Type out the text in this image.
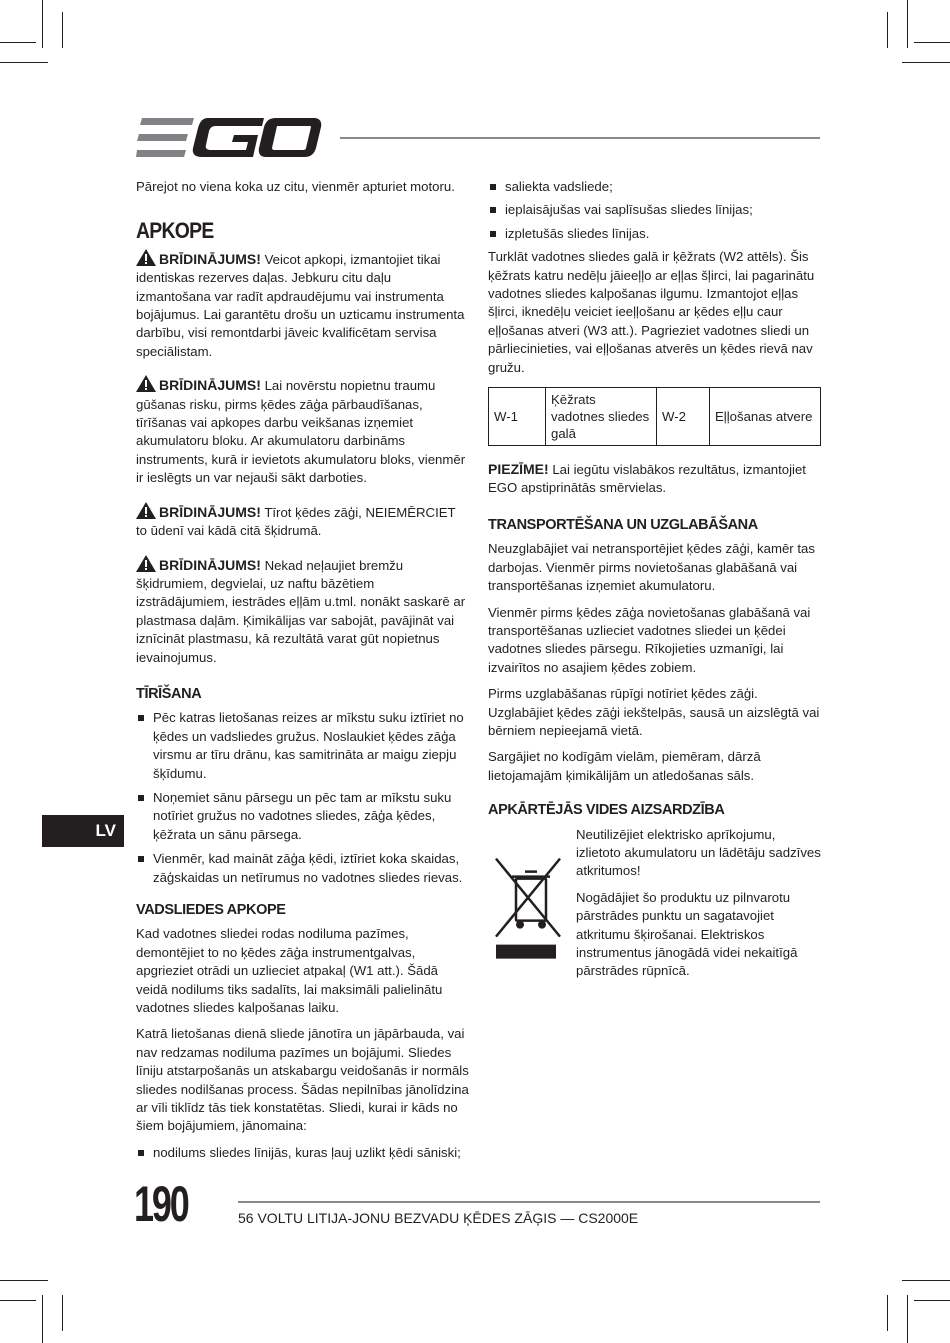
Pārejot no viena koka uz citu, vienmēr apturiet motoru.

APKOPE

BRĪDINĀJUMS! Veicot apkopi, izmantojiet tikai identiskas rezerves daļas. Jebkuru citu daļu izmantošana var radīt apdraudējumu vai instrumenta bojājumus. Lai garantētu drošu un uzticamu instrumenta darbību, visi remontdarbi jāveic kvalificētam servisa speciālistam.

BRĪDINĀJUMS! Lai novērstu nopietnu traumu gūšanas risku, pirms ķēdes zāģa pārbaudīšanas, tīrīšanas vai apkopes darbu veikšanas izņemiet akumulatoru bloku. Ar akumulatoru darbināms instruments, kurā ir ievietots akumulatoru bloks, vienmēr ir ieslēgts un var nejauši sākt darboties.

BRĪDINĀJUMS! Tīrot ķēdes zāģi, NEIEMĒRCIET to ūdenī vai kādā citā šķidrumā.

BRĪDINĀJUMS! Nekad neļaujiet bremžu šķidrumiem, degvielai, uz naftu bāzētiem izstrādājumiem, iestrādes eļļām u.tml. nonākt saskarē ar plastmasa daļām. Ķimikālijas var sabojāt, pavājināt vai iznīcināt plastmasu, kā rezultātā varat gūt nopietnus ievainojumus.

TĪRĪŠANA
Pēc katras lietošanas reizes ar mīkstu suku iztīriet no ķēdes un vadsliedes gružus. Noslaukiet ķēdes zāģa virsmu ar tīru drānu, kas samitrināta ar maigu ziepju šķīdumu.
Noņemiet sānu pārsegu un pēc tam ar mīkstu suku notīriet gružus no vadotnes sliedes, zāģa ķēdes, ķēžrata un sānu pārsega.
Vienmēr, kad maināt zāģa ķēdi, iztīriet koka skaidas, zāģskaidas un netīrumus no vadotnes sliedes rievas.
VADSLIEDES APKOPE

Kad vadotnes sliedei rodas nodiluma pazīmes, demontējiet to no ķēdes zāģa instrumentgalvas, apgrieziet otrādi un uzlieciet atpakaļ (W1 att.). Šādā veidā nodilums tiks sadalīts, lai maksimāli palielinātu vadotnes sliedes kalpošanas laiku.

Katrā lietošanas dienā sliede jānotīra un jāpārbauda, vai nav redzamas nodiluma pazīmes un bojājumi. Sliedes līniju atstarpošanās un atskabargu veidošanās ir normāls sliedes nodilšanas process. Šādas nepilnības jānolīdzina ar vīli tiklīdz tās tiek konstatētas. Sliedi, kurai ir kāds no šiem bojājumiem, jānomaina:

nodilums sliedes līnijās, kuras ļauj uzlikt ķēdi sāniski;
saliekta vadsliede;
ieplaisājušas vai saplīsušas sliedes līnijas;
izpletušās sliedes līnijas.

Turklāt vadotnes sliedes galā ir ķēžrats (W2 attēls). Šis ķēžrats katru nedēļu jāieeļļo ar eļļas šļirci, lai pagarinātu vadotnes sliedes kalpošanas ilgumu. Izmantojot eļļas šļirci, iknedēļu veiciet ieeļļošanu ar ķēdes eļļu caur eļļošanas atveri (W3 att.). Pagrieziet vadotnes sliedi un pārliecinieties, vai eļļošanas atverēs un ķēdes rievā nav gružu.

W-1	Ķēžrats vadotnes sliedes galā	W-2	Eļļošanas atvere

PIEZĪME! Lai iegūtu vislabākos rezultātus, izmantojiet EGO apstiprinātās smērvielas.

TRANSPORTĒŠANA UN UZGLABĀŠANA

Neuzglabājiet vai netransportējiet ķēdes zāģi, kamēr tas darbojas. Vienmēr pirms novietošanas glabāšanā vai transportēšanas izņemiet akumulatoru.

Vienmēr pirms ķēdes zāģa novietošanas glabāšanā vai transportēšanas uzlieciet vadotnes sliedei un ķēdei vadotnes sliedes pārsegu. Rīkojieties uzmanīgi, lai izvairītos no asajiem ķēdes zobiem.

Pirms uzglabāšanas rūpīgi notīriet ķēdes zāģi. Uzglabājiet ķēdes zāģi iekštelpās, sausā un aizslēgtā vai bērniem nepieejamā vietā.

Sargājiet no kodīgām vielām, piemēram, dārzā lietojamajām ķimikālijām un atledošanas sāls.

APKĀRTĒJĀS VIDES AIZSARDZĪBA

Neutilizējiet elektrisko aprīkojumu, izlietoto akumulatoru un lādētāju sadzīves atkritumos!

Nogādājiet šo produktu uz pilnvarotu pārstrādes punktu un sagatavojiet atkritumu šķirošanai. Elektriskos instrumentus jānogādā videi nekaitīgā pārstrādes rūpnīcā.

LV
190	56 VOLTU LITIJA-JONU BEZVADU ĶĒDES ZĀĢIS — CS2000E
